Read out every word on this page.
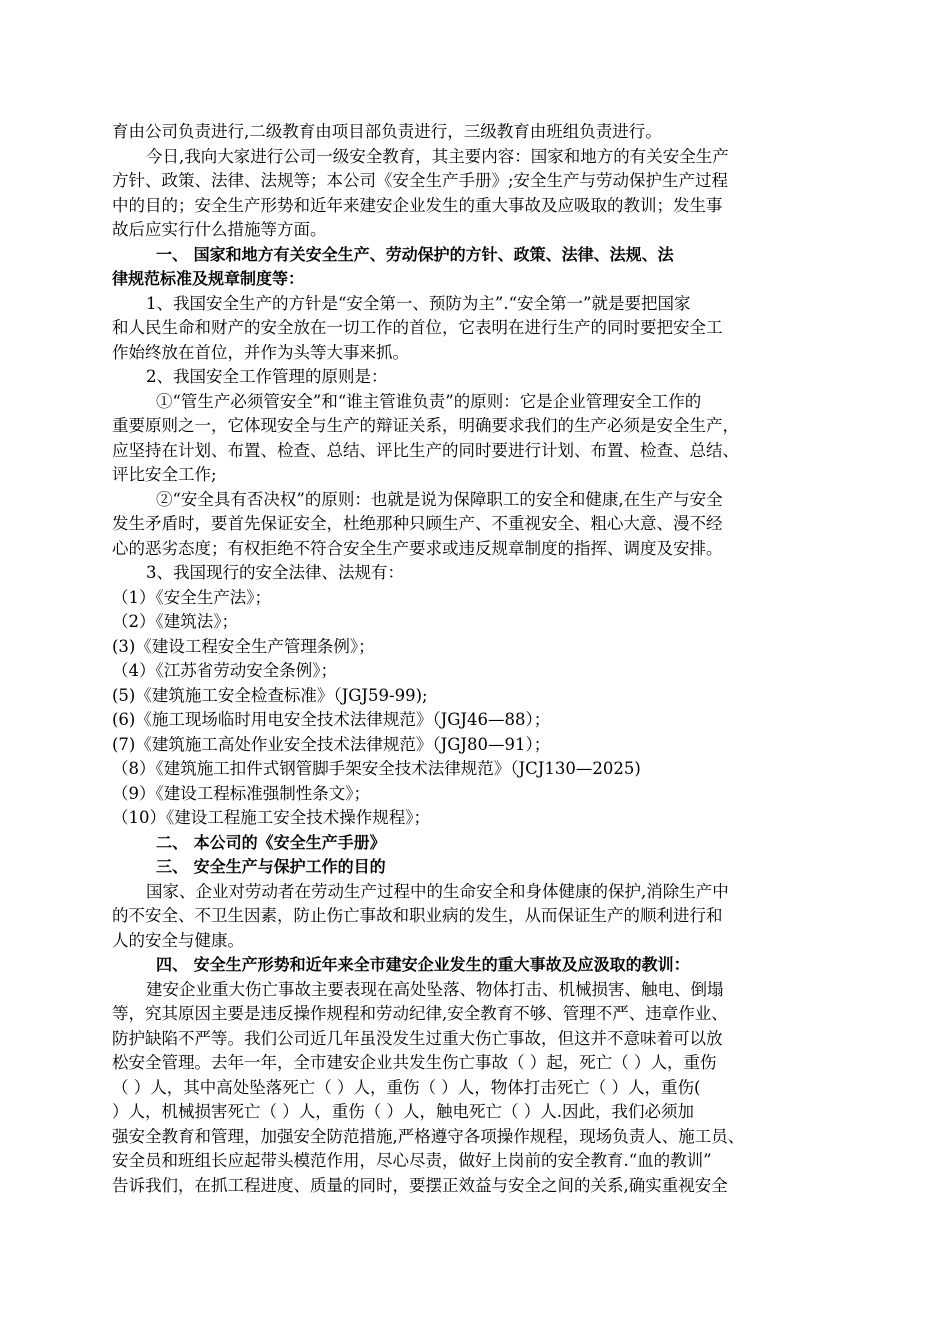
育由公司负责进行,二级教育由项目部负责进行，三级教育由班组负责进行。
今日,我向大家进行公司一级安全教育，其主要内容：国家和地方的有关安全生产
方针、政策、法律、法规等；本公司《安全生产手册》;安全生产与劳动保护生产过程
中的目的；安全生产形势和近年来建安企业发生的重大事故及应吸取的教训；发生事
故后应实行什么措施等方面。
一、 国家和地方有关安全生产、劳动保护的方针、政策、法律、法规、法
律规范标准及规章制度等：
1、我国安全生产的方针是“安全第一、预防为主”.“安全第一”就是要把国家
和人民生命和财产的安全放在一切工作的首位，它表明在进行生产的同时要把安全工
作始终放在首位，并作为头等大事来抓。
2、我国安全工作管理的原则是：
①“管生产必须管安全”和“谁主管谁负责”的原则：它是企业管理安全工作的
重要原则之一，它体现安全与生产的辩证关系，明确要求我们的生产必须是安全生产，
应坚持在计划、布置、检查、总结、评比生产的同时要进行计划、布置、检查、总结、
评比安全工作;
②“安全具有否决权”的原则：也就是说为保障职工的安全和健康,在生产与安全
发生矛盾时，要首先保证安全，杜绝那种只顾生产、不重视安全、粗心大意、漫不经
心的恶劣态度；有权拒绝不符合安全生产要求或违反规章制度的指挥、调度及安排。
3、我国现行的安全法律、法规有：
（1）《安全生产法》；
（2）《建筑法》；
(3)《建设工程安全生产管理条例》；
（4）《江苏省劳动安全条例》；
(5)《建筑施工安全检查标准》（JGJ59-99);
(6)《施工现场临时用电安全技术法律规范》（JGJ46—88）；
(7)《建筑施工高处作业安全技术法律规范》（JGJ80—91）；
（8）《建筑施工扣件式钢管脚手架安全技术法律规范》（JCJ130—2025)
（9）《建设工程标准强制性条文》；
（10）《建设工程施工安全技术操作规程》；
二、 本公司的《安全生产手册》
三、 安全生产与保护工作的目的
国家、企业对劳动者在劳动生产过程中的生命安全和身体健康的保护,消除生产中
的不安全、不卫生因素，防止伤亡事故和职业病的发生，从而保证生产的顺利进行和
人的安全与健康。
四、 安全生产形势和近年来全市建安企业发生的重大事故及应汲取的教训：
建安企业重大伤亡事故主要表现在高处坠落、物体打击、机械损害、触电、倒塌
等，究其原因主要是违反操作规程和劳动纪律,安全教育不够、管理不严、违章作业、
防护缺陷不严等。我们公司近几年虽没发生过重大伤亡事故，但这并不意味着可以放
松安全管理。去年一年，全市建安企业共发生伤亡事故（ ）起，死亡（ ）人，重伤
（ ）人，其中高处坠落死亡（ ）人，重伤（ ）人，物体打击死亡（ ）人，重伤(
）人，机械损害死亡（ ）人，重伤（ ）人，触电死亡（ ）人.因此，我们必须加
强安全教育和管理，加强安全防范措施,严格遵守各项操作规程，现场负责人、施工员、
安全员和班组长应起带头模范作用，尽心尽责，做好上岗前的安全教育.“血的教训”
告诉我们，在抓工程进度、质量的同时，要摆正效益与安全之间的关系,确实重视安全
